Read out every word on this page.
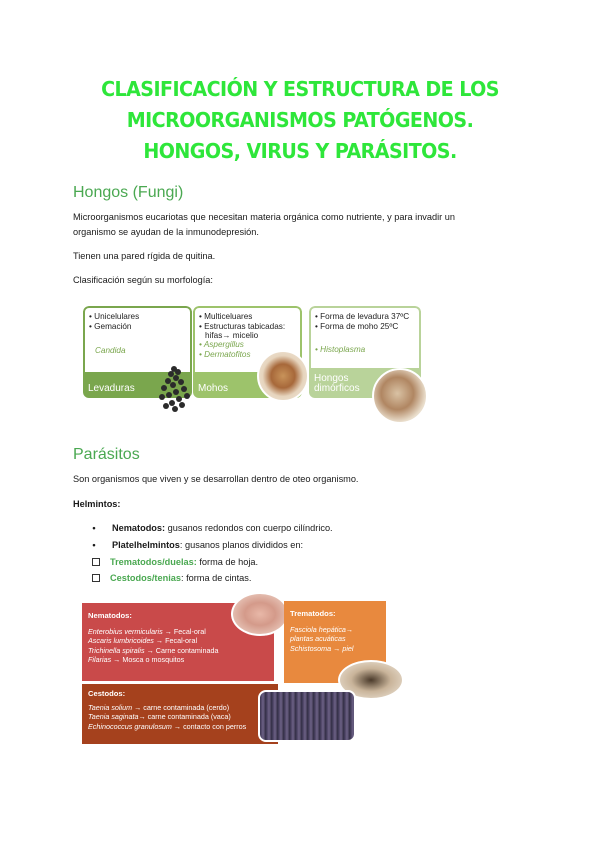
CLASIFICACIÓN Y ESTRUCTURA DE LOS MICROORGANISMOS PATÓGENOS. HONGOS, VIRUS Y PARÁSITOS.
Hongos (Fungi)
Microorganismos eucariotas que necesitan materia orgánica como nutriente, y para invadir un
organismo se ayudan de la inmunodepresión.
Tienen una pared rígida de quitina.
Clasificación según su morfología:
• Unicelulares
• Gemación
Candida
Levaduras
• Multiceluares
• Estructuras tabicadas:
hifas→ micelio
• Aspergillus
• Dermatofitos
Mohos
• Forma de levadura 37ºC
• Forma de moho 25ºC
• Histoplasma
Hongos
dimórficos
Parásitos
Son organismos que viven y se desarrollan dentro de oteo organismo.
Helmintos:
• Nematodos: gusanos redondos con cuerpo cilíndrico.
• Platelhelmintos: gusanos planos divididos en:
Trematodos/duelas: forma de hoja.
Cestodos/tenias: forma de cintas.
Nematodos:
Enterobius vermicularis → Fecal-oral
Ascaris lumbricoides → Fecal-oral
Trichinella spiralis → Carne contaminada
Filarias → Mosca o mosquitos
Trematodos:
Fasciola hepática→
plantas acuáticas
Schistosoma → piel
Cestodos:
Taenia solium → carne contaminada (cerdo)
Taenia saginata→ carne contaminada (vaca)
Echinococcus granulosum → contacto con perros
